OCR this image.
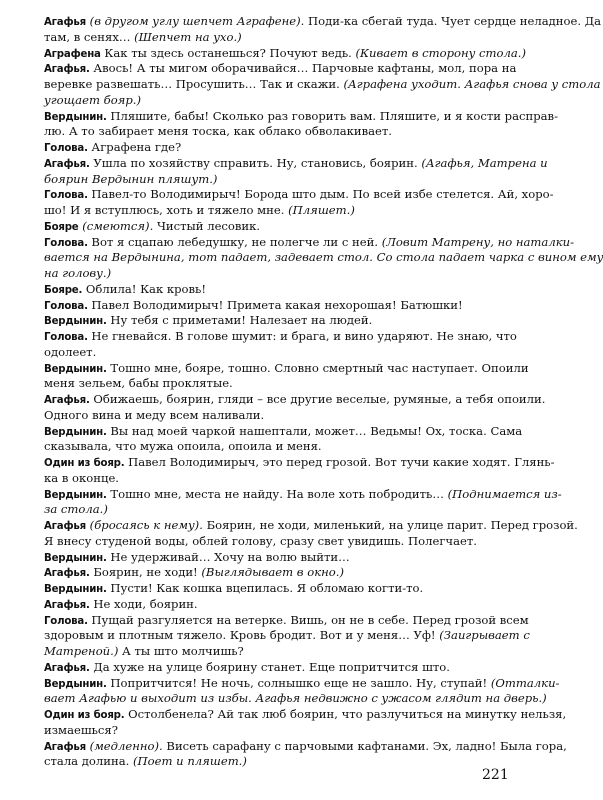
Агафья (в другом углу шепчет Аграфене). Поди-ка сбегай туда. Чует сердце неладное. Да
там, в сенях… (Шепчет на ухо.)
Аграфена Как ты здесь останешься? Почуют ведь. (Кивает в сторону стола.)
Агафья. Авось! А ты мигом оборачивайся… Парчовые кафтаны, мол, пора на
веревке развешать… Просушить… Так и скажи. (Аграфена уходит. Агафья снова у стола
угощает бояр.)
Вердынин. Пляшите, бабы! Сколько раз говорить вам. Пляшите, и я кости расправ-
лю. А то забирает меня тоска, как облако обволакивает.
Голова. Аграфена где?
Агафья. Ушла по хозяйству справить. Ну, становись, боярин. (Агафья, Матрена и
боярин Вердынин пляшут.)
Голова. Павел-то Володимирыч! Борода што дым. По всей избе стелется. Ай, хоро-
шо! И я вступлюсь, хоть и тяжело мне. (Пляшет.)
Бояре (смеются). Чистый лесовик.
Голова. Вот я сцапаю лебедушку, не полегче ли с ней. (Ловит Матрену, но наталки-
вается на Вердынина, тот падает, задевает стол. Со стола падает чарка с вином ему
на голову.)
Бояре. Облила! Как кровь!
Голова. Павел Володимирыч! Примета какая нехорошая! Батюшки!
Вердынин. Ну тебя с приметами! Налезает на людей.
Голова. Не гневайся. В голове шумит: и брага, и вино ударяют. Не знаю, что
одолеет.
Вердынин. Тошно мне, бояре, тошно. Словно смертный час наступает. Опоили
меня зельем, бабы проклятые.
Агафья. Обижаешь, боярин, гляди – все другие веселые, румяные, а тебя опоили.
Одного вина и меду всем наливали.
Вердынин. Вы над моей чаркой нашептали, может… Ведьмы! Ох, тоска. Сама
сказывала, что мужа опоила, опоила и меня.
Один из бояр. Павел Володимирыч, это перед грозой. Вот тучи какие ходят. Глянь-
ка в оконце.
Вердынин. Тошно мне, места не найду. На воле хоть побродить… (Поднимается из-
за стола.)
Агафья (бросаясь к нему). Боярин, не ходи, миленький, на улице парит. Перед грозой.
Я внесу студеной воды, облей голову, сразу свет увидишь. Полегчает.
Вердынин. Не удерживай… Хочу на волю выйти…
Агафья. Боярин, не ходи! (Выглядывает в окно.)
Вердынин. Пусти! Как кошка вцепилась. Я обломаю когти-то.
Агафья. Не ходи, боярин.
Голова. Пущай разгуляется на ветерке. Вишь, он не в себе. Перед грозой всем
здоровым и плотным тяжело. Кровь бродит. Вот и у меня… Уф! (Заигрывает с
Матреной.) А ты што молчишь?
Агафья. Да хуже на улице боярину станет. Еще попритчится што.
Вердынин. Попритчится! Не ночь, солнышко еще не зашло. Ну, ступай! (Отталки-
вает Агафью и выходит из избы. Агафья недвижно с ужасом глядит на дверь.)
Один из бояр. Остолбенела? Ай так люб боярин, что разлучиться на минутку нельзя,
измаешься?
Агафья (медленно). Висеть сарафану с парчовыми кафтанами. Эх, ладно! Была гора,
стала долина. (Поет и пляшет.)
221
